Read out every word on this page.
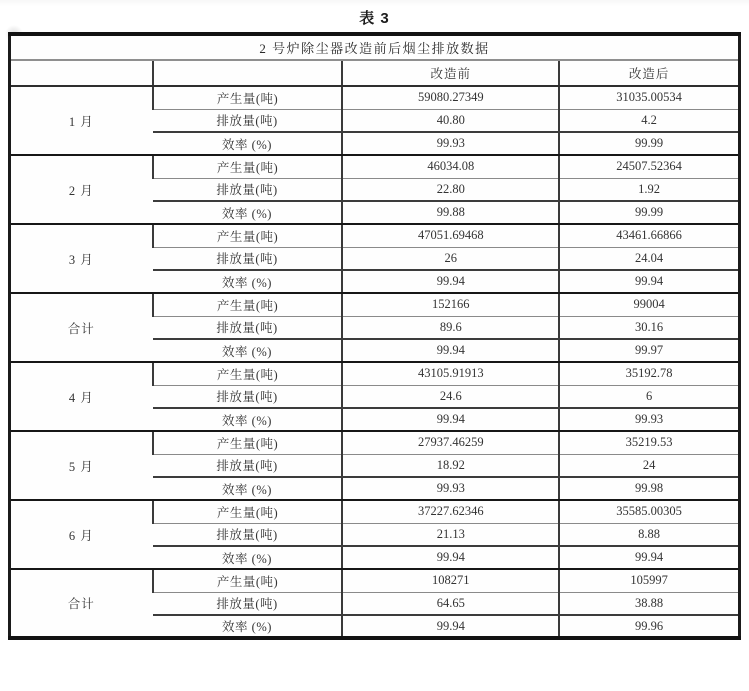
表 3
2 号炉除尘器改造前后烟尘排放数据			
		改造前	改造后
1 月	产生量(吨)	59080.27349	31035.00534
	排放量(吨)	40.80	4.2
	效率 (%)	99.93	99.99
2 月	产生量(吨)	46034.08	24507.52364
	排放量(吨)	22.80	1.92
	效率 (%)	99.88	99.99
3 月	产生量(吨)	47051.69468	43461.66866
	排放量(吨)	26	24.04
	效率 (%)	99.94	99.94
合计	产生量(吨)	152166	99004
	排放量(吨)	89.6	30.16
	效率 (%)	99.94	99.97
4 月	产生量(吨)	43105.91913	35192.78
	排放量(吨)	24.6	6
	效率 (%)	99.94	99.93
5 月	产生量(吨)	27937.46259	35219.53
	排放量(吨)	18.92	24
	效率 (%)	99.93	99.98
6 月	产生量(吨)	37227.62346	35585.00305
	排放量(吨)	21.13	8.88
	效率 (%)	99.94	99.94
合计	产生量(吨)	108271	105997
	排放量(吨)	64.65	38.88
	效率 (%)	99.94	99.96
